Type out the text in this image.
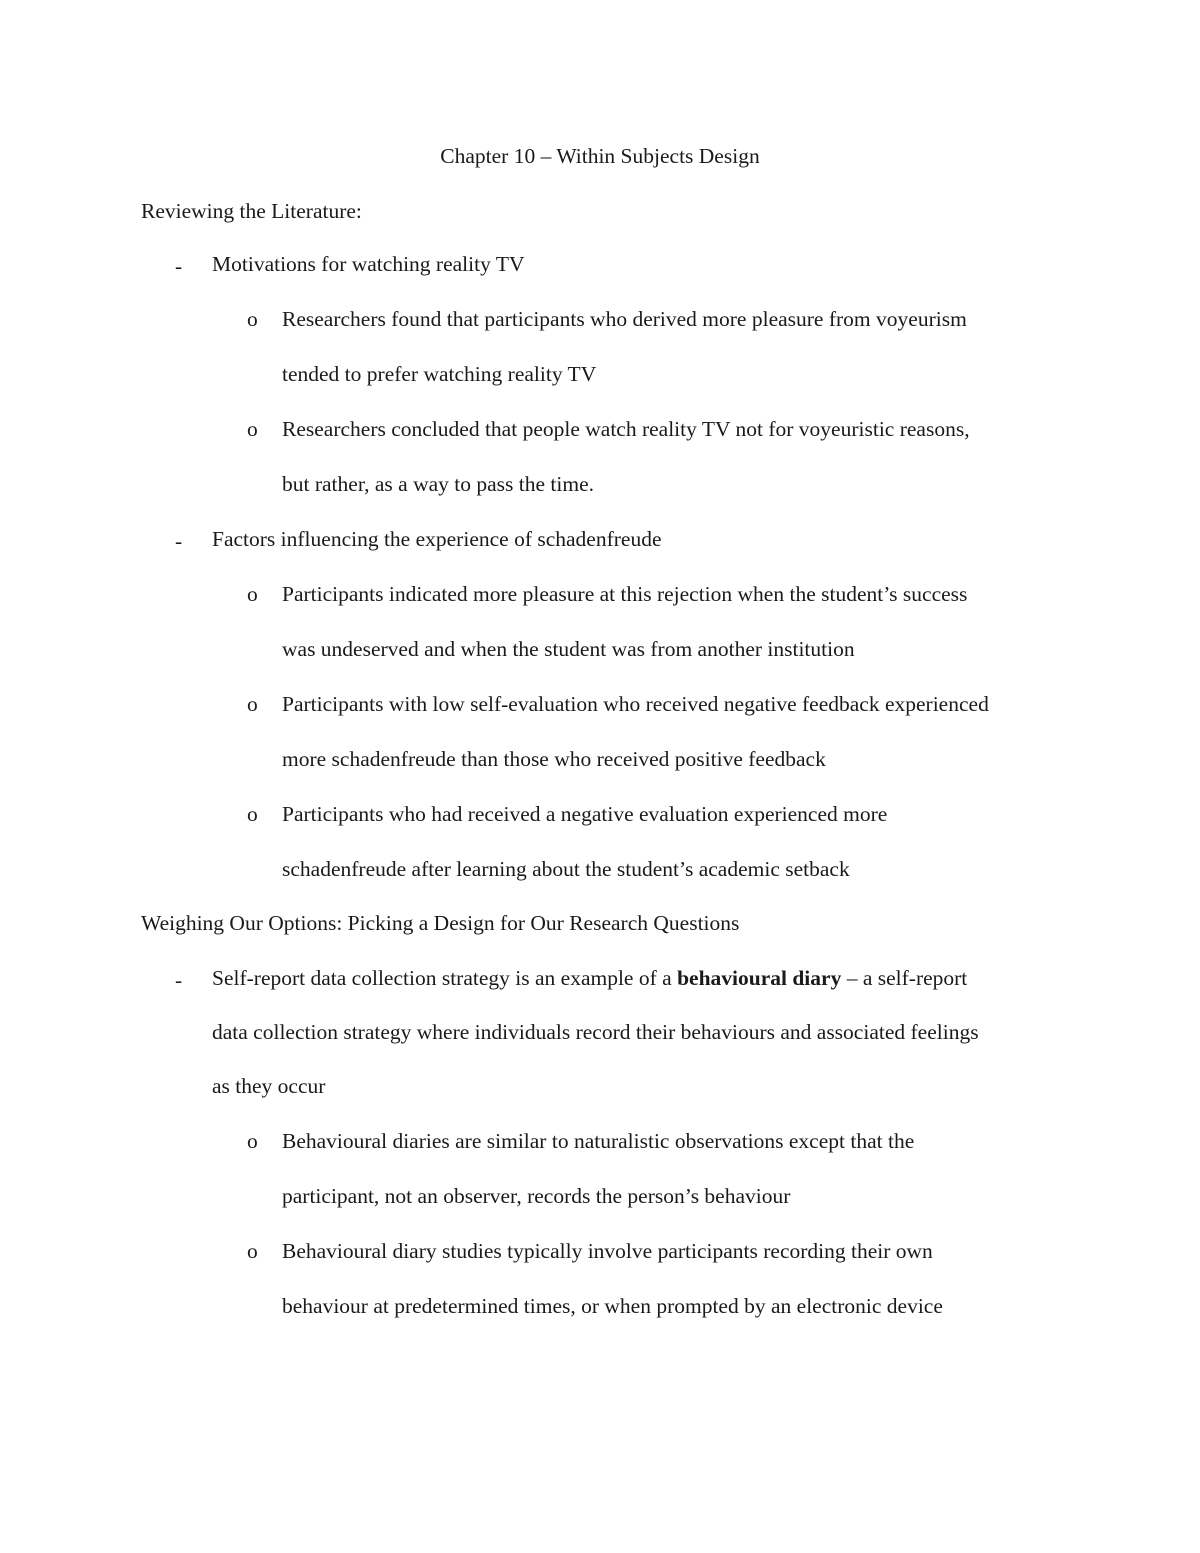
Chapter 10 – Within Subjects Design
Reviewing the Literature:
- Motivations for watching reality TV
o Researchers found that participants who derived more pleasure from voyeurism
tended to prefer watching reality TV
o Researchers concluded that people watch reality TV not for voyeuristic reasons,
but rather, as a way to pass the time.
- Factors influencing the experience of schadenfreude
o Participants indicated more pleasure at this rejection when the student’s success
was undeserved and when the student was from another institution
o Participants with low self-evaluation who received negative feedback experienced
more schadenfreude than those who received positive feedback
o Participants who had received a negative evaluation experienced more
schadenfreude after learning about the student’s academic setback
Weighing Our Options: Picking a Design for Our Research Questions
- Self-report data collection strategy is an example of a behavioural diary – a self-report
data collection strategy where individuals record their behaviours and associated feelings
as they occur
o Behavioural diaries are similar to naturalistic observations except that the
participant, not an observer, records the person’s behaviour
o Behavioural diary studies typically involve participants recording their own
behaviour at predetermined times, or when prompted by an electronic device
